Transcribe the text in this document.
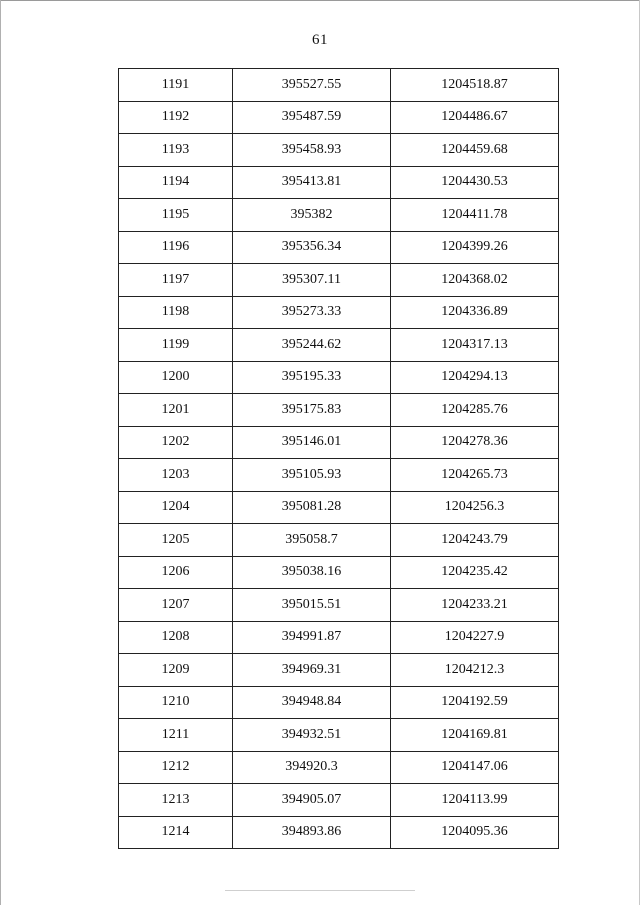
61
1191	395527.55	1204518.87
1192	395487.59	1204486.67
1193	395458.93	1204459.68
1194	395413.81	1204430.53
1195	395382	1204411.78
1196	395356.34	1204399.26
1197	395307.11	1204368.02
1198	395273.33	1204336.89
1199	395244.62	1204317.13
1200	395195.33	1204294.13
1201	395175.83	1204285.76
1202	395146.01	1204278.36
1203	395105.93	1204265.73
1204	395081.28	1204256.3
1205	395058.7	1204243.79
1206	395038.16	1204235.42
1207	395015.51	1204233.21
1208	394991.87	1204227.9
1209	394969.31	1204212.3
1210	394948.84	1204192.59
1211	394932.51	1204169.81
1212	394920.3	1204147.06
1213	394905.07	1204113.99
1214	394893.86	1204095.36
